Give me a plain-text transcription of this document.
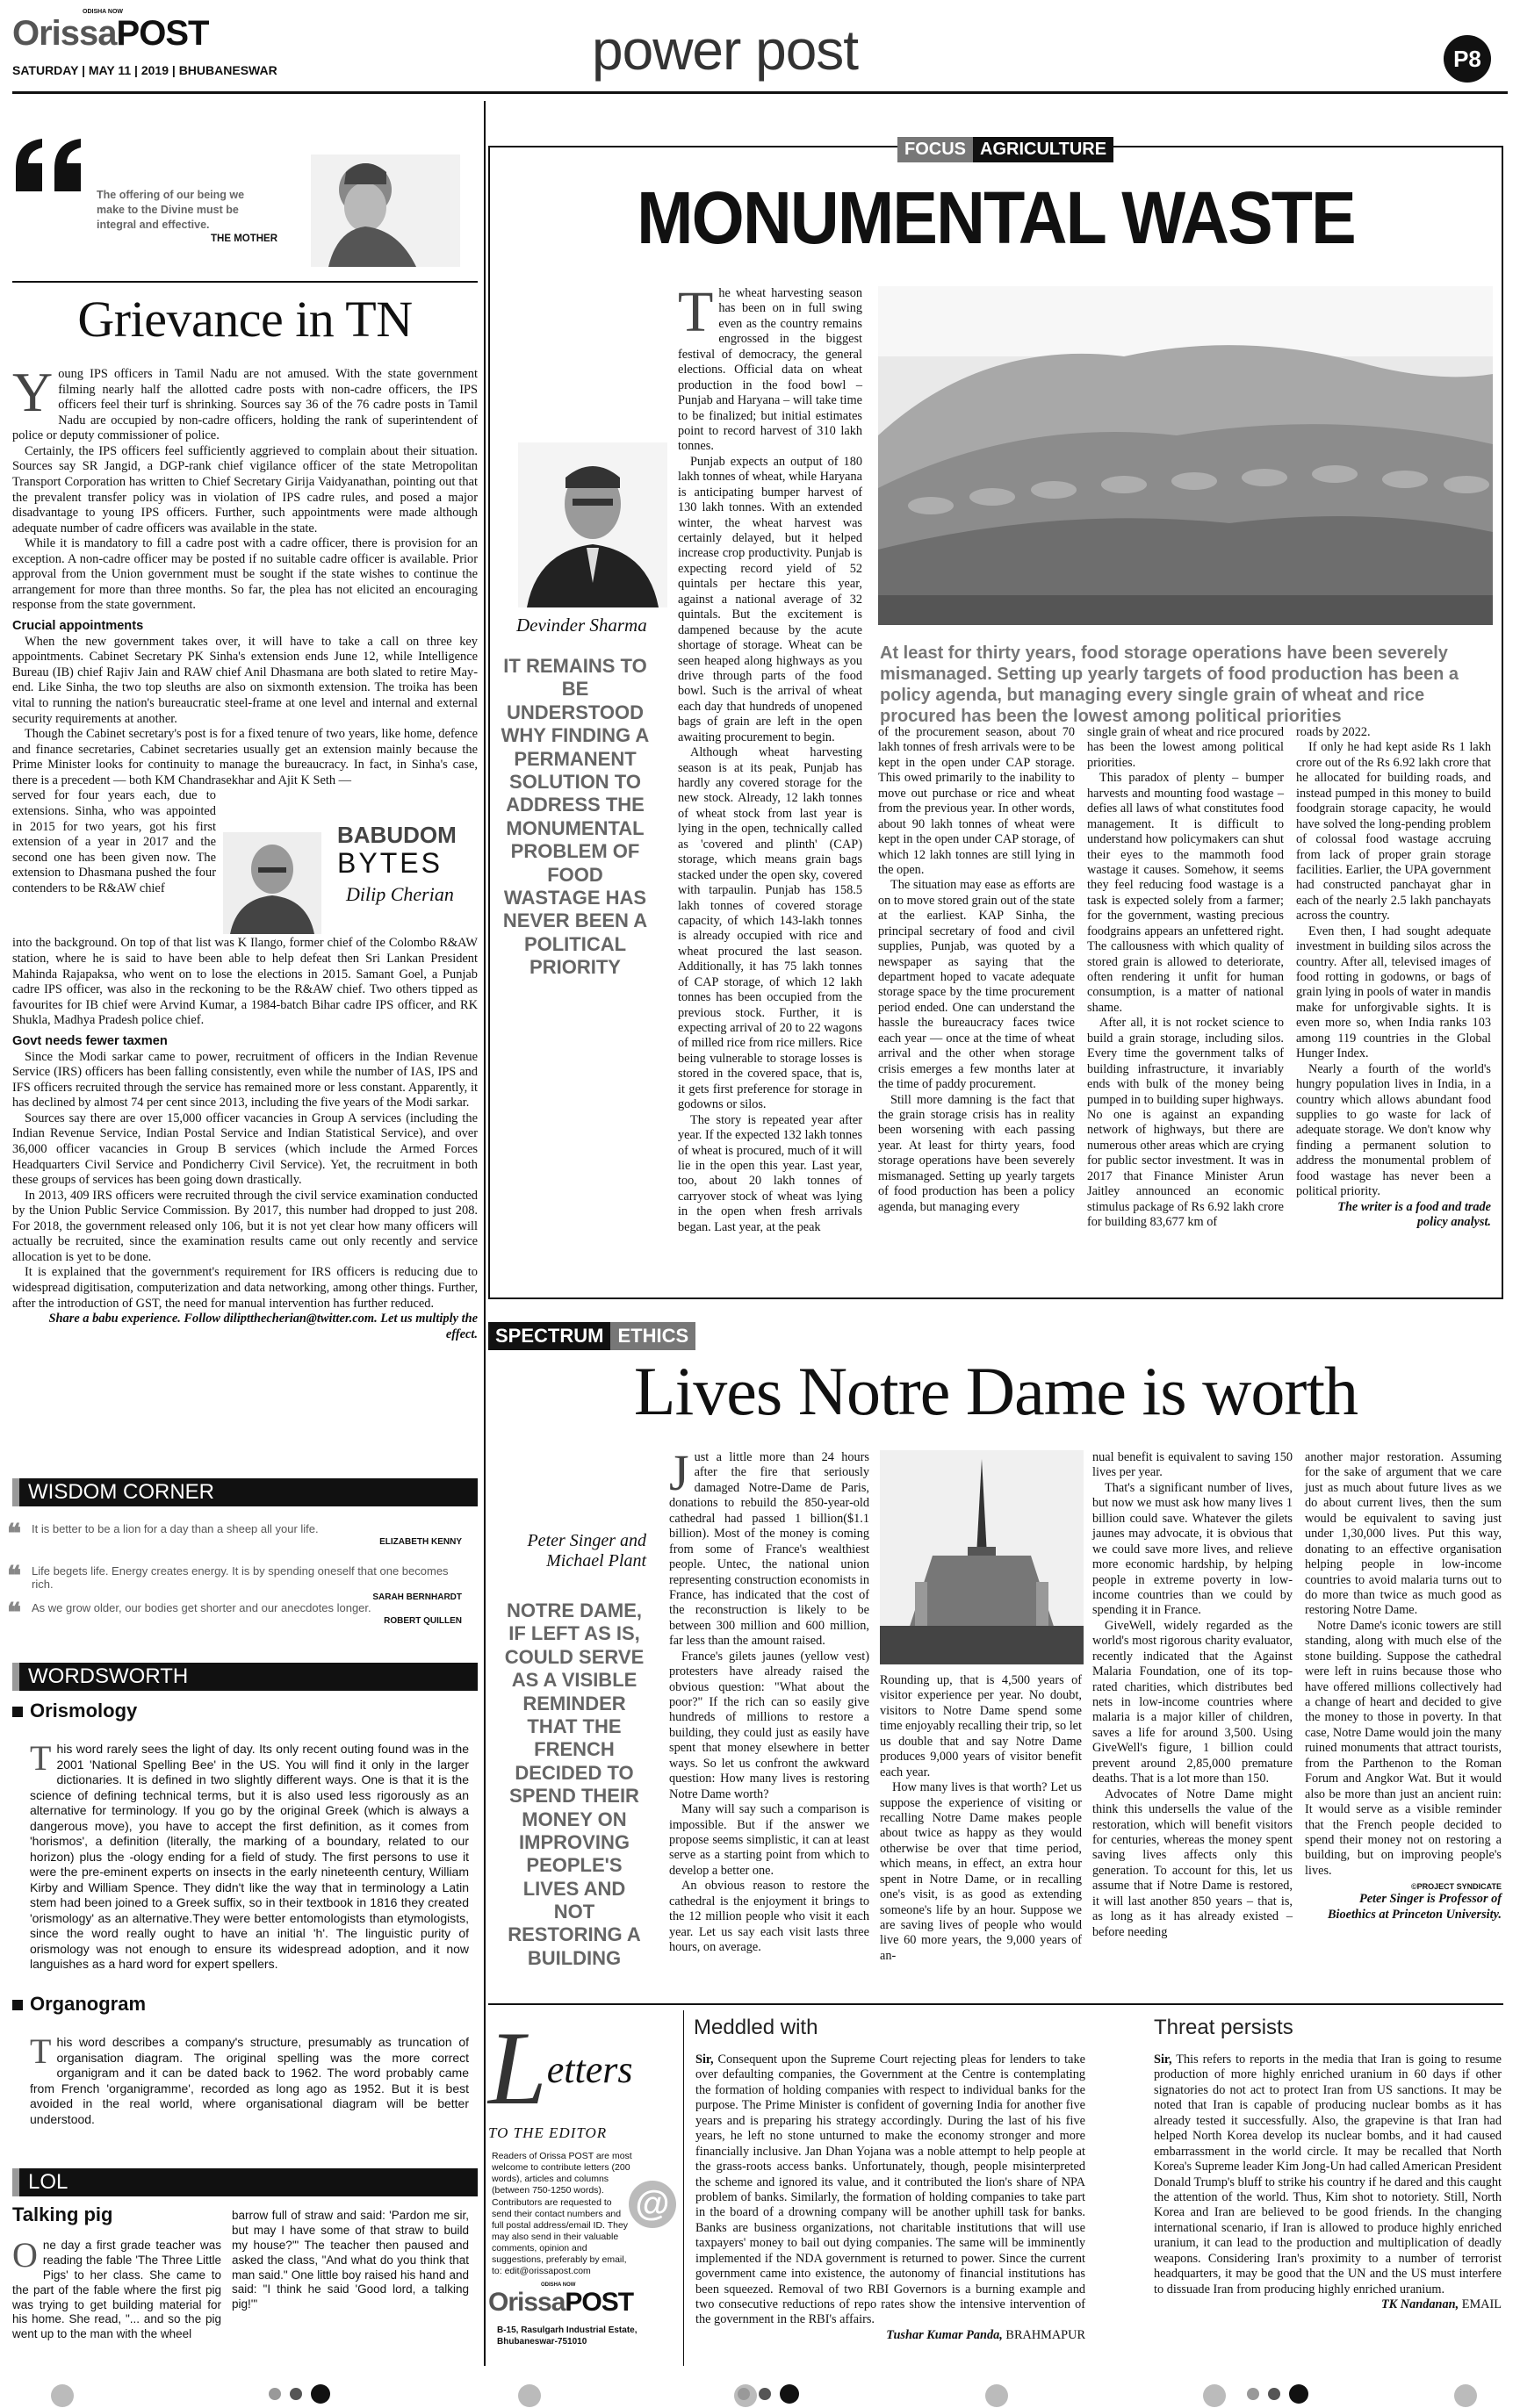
ODISHA NOW
OrissaPOST
SATURDAY | MAY 11 | 2019 | BHUBANESWAR	power post	P8
The offering of our being we make to the Divine must be integral and effective.
THE MOTHER
Grievance in TN
Y oung IPS officers in Tamil Nadu are not amused. With the state government filming nearly half the allotted cadre posts with non-cadre officers, the IPS officers feel their turf is shrinking. Sources say 36 of the 76 cadre posts in Tamil Nadu are occupied by non-cadre officers, holding the rank of superintendent of police or deputy commissioner of police.

Certainly, the IPS officers feel sufficiently aggrieved to complain about their situation. Sources say SR Jangid, a DGP-rank chief vigilance officer of the state Metropolitan Transport Corporation has written to Chief Secretary Girija Vaidyanathan, pointing out that the prevalent transfer policy was in violation of IPS cadre rules, and posed a major disadvantage to young IPS officers. Further, such appointments were made although adequate number of cadre officers was available in the state.

While it is mandatory to fill a cadre post with a cadre officer, there is provision for an exception. A non-cadre officer may be posted if no suitable cadre officer is available. Prior approval from the Union government must be sought if the state wishes to continue the arrangement for more than three months. So far, the plea has not elicited an encouraging response from the state government.

Crucial appointments

When the new government takes over, it will have to take a call on three key appointments. Cabinet Secretary PK Sinha's extension ends June 12, while Intelligence Bureau (IB) chief Rajiv Jain and RAW chief Anil Dhasmana are both slated to retire May-end. Like Sinha, the two top sleuths are also on sixmonth extension. The troika has been vital to running the nation's bureaucratic steel-frame at one level and internal and external security requirements at another.

Though the Cabinet secretary's post is for a fixed tenure of two years, like home, defence and finance secretaries, Cabinet secretaries usually get an extension mainly because the Prime Minister looks for continuity to manage the bureaucracy. In fact, in Sinha's case, there is a precedent — both KM Chandrasekhar and Ajit K Seth —

served for four years each, due to extensions. Sinha, who was appointed in 2015 for two years, got his first extension of a year in 2017 and the second one has been given now. The extension to Dhasmana pushed the four contenders to be R&AW chief
BABUDOM
BYTES
Dilip Cherian

into the background. On top of that list was K Ilango, former chief of the Colombo R&AW station, where he is said to have been able to help defeat then Sri Lankan President Mahinda Rajapaksa, who went on to lose the elections in 2015. Samant Goel, a Punjab cadre IPS officer, was also in the reckoning to be the R&AW chief. Two others tipped as favourites for IB chief were Arvind Kumar, a 1984-batch Bihar cadre IPS officer, and RK Shukla, Madhya Pradesh police chief.

Govt needs fewer taxmen

Since the Modi sarkar came to power, recruitment of officers in the Indian Revenue Service (IRS) officers has been falling consistently, even while the number of IAS, IPS and IFS officers recruited through the service has remained more or less constant. Apparently, it has declined by almost 74 per cent since 2013, including the five years of the Modi sarkar.

Sources say there are over 15,000 officer vacancies in Group A services (including the Indian Revenue Service, Indian Postal Service and Indian Statistical Service), and over 36,000 officer vacancies in Group B services (which include the Armed Forces Headquarters Civil Service and Pondicherry Civil Service). Yet, the recruitment in both these groups of services has been going down drastically.

In 2013, 409 IRS officers were recruited through the civil service examination conducted by the Union Public Service Commission. By 2017, this number had dropped to just 208. For 2018, the government released only 106, but it is not yet clear how many officers will actually be recruited, since the examination results came out only recently and service allocation is yet to be done.

It is explained that the government's requirement for IRS officers is reducing due to widespread digitisation, computerization and data networking, among other things. Further, after the introduction of GST, the need for manual intervention has further reduced.

Share a babu experience. Follow diliptthecherian@twitter.com. Let us multiply the effect.

WISDOM CORNER
❝ It is better to be a lion for a day than a sheep all your life.
ELIZABETH KENNY
❝ Life begets life. Energy creates energy. It is by spending oneself that one becomes rich.
SARAH BERNHARDT
❝ As we grow older, our bodies get shorter and our anecdotes longer.
ROBERT QUILLEN
WORDSWORTH
Orismology
This word rarely sees the light of day. Its only recent outing found was in the 2001 'National Spelling Bee' in the US. You will find it only in the larger dictionaries. It is defined in two slightly different ways. One is that it is the science of defining technical terms, but it is also used less rigorously as an alternative for terminology. If you go by the original Greek (which is always a dangerous move), you have to accept the first definition, as it comes from 'horismos', a definition (literally, the marking of a boundary, related to our horizon) plus the -ology ending for a field of study. The first persons to use it were the pre-eminent experts on insects in the early nineteenth century, William Kirby and William Spence. They didn't like the way that in terminology a Latin stem had been joined to a Greek suffix, so in their textbook in 1816 they created 'orismology' as an alternative.They were better entomologists than etymologists, since the word really ought to have an initial 'h'. The linguistic purity of orismology was not enough to ensure its widespread adoption, and it now languishes as a hard word for expert spellers.
Organogram
This word describes a company's structure, presumably as truncation of organisation diagram. The original spelling was the more correct organigram and it can be dated back to 1962. The word probably came from French 'organigramme', recorded as long ago as 1952. But it is best avoided in the real world, where organisational diagram will be better understood.
LOL
Talking pig
One day a first grade teacher was reading the fable 'The Three Little Pigs' to her class. She came to the part of the fable where the first pig was trying to get building material for his home. She read, "... and so the pig went up to the man with the wheel
barrow full of straw and said: 'Pardon me sir, but may I have some of that straw to build my house?'" The teacher then paused and asked the class, "And what do you think that man said." One little boy raised his hand and said: "I think he said 'Good lord, a talking pig!'"
FOCUS AGRICULTURE
MONUMENTAL WASTE
Devinder Sharma
IT REMAINS TO BE UNDERSTOOD WHY FINDING A PERMANENT SOLUTION TO ADDRESS THE MONUMENTAL PROBLEM OF FOOD WASTAGE HAS NEVER BEEN A POLITICAL PRIORITY
T he wheat harvesting season has been on in full swing even as the country remains engrossed in the biggest festival of democracy, the general elections. Official data on wheat production in the food bowl – Punjab and Haryana – will take time to be finalized; but initial estimates point to record harvest of 310 lakh tonnes.

Punjab expects an output of 180 lakh tonnes of wheat, while Haryana is anticipating bumper harvest of 130 lakh tonnes. With an extended winter, the wheat harvest was certainly delayed, but it helped increase crop productivity. Punjab is expecting record yield of 52 quintals per hectare this year, against a national average of 32 quintals. But the excitement is dampened because by the acute shortage of storage. Wheat can be seen heaped along highways as you drive through parts of the food bowl. Such is the arrival of wheat each day that hundreds of unopened bags of grain are left in the open awaiting procurement to begin.

Although wheat harvesting season is at its peak, Punjab has hardly any covered storage for the new stock. Already, 12 lakh tonnes of wheat stock from last year is lying in the open, technically called as 'covered and plinth' (CAP) storage, which means grain bags stacked under the open sky, covered with tarpaulin. Punjab has 158.5 lakh tonnes of covered storage capacity, of which 143-lakh tonnes is already occupied with rice and wheat procured the last season. Additionally, it has 75 lakh tonnes of CAP storage, of which 12 lakh tonnes has been occupied from the previous stock. Further, it is expecting arrival of 20 to 22 wagons of milled rice from rice millers. Rice being vulnerable to storage losses is stored in the covered space, that is, it gets first preference for storage in godowns or silos.

The story is repeated year after year. If the expected 132 lakh tonnes of wheat is procured, much of it will lie in the open this year. Last year, too, about 20 lakh tonnes of carryover stock of wheat was lying in the open when fresh arrivals began. Last year, at the peak

At least for thirty years, food storage operations have been severely mismanaged. Setting up yearly targets of food production has been a policy agenda, but managing every single grain of wheat and rice procured has been the lowest among political priorities

of the procurement season, about 70 lakh tonnes of fresh arrivals were to be kept in the open under CAP storage. This owed primarily to the inability to move out purchase or rice and wheat from the previous year. In other words, about 90 lakh tonnes of wheat were kept in the open under CAP storage, of which 12 lakh tonnes are still lying in the open.

The situation may ease as efforts are on to move stored grain out of the state at the earliest. KAP Sinha, the principal secretary of food and civil supplies, Punjab, was quoted by a newspaper as saying that the department hoped to vacate adequate storage space by the time procurement period ended. One can understand the hassle the bureaucracy faces twice each year — once at the time of wheat arrival and the other when storage crisis emerges a few months later at the time of paddy procurement.

Still more damning is the fact that the grain storage crisis has in reality been worsening with each passing year. At least for thirty years, food storage operations have been severely mismanaged. Setting up yearly targets of food production has been a policy agenda, but managing every

single grain of wheat and rice procured has been the lowest among political priorities.

This paradox of plenty – bumper harvests and mounting food wastage – defies all laws of what constitutes food management. It is difficult to understand how policymakers can shut their eyes to the mammoth food wastage it causes. Somehow, it seems they feel reducing food wastage is a task is expected solely from a farmer; for the government, wasting precious foodgrains appears an unfettered right. The callousness with which quality of stored grain is allowed to deteriorate, often rendering it unfit for human consumption, is a matter of national shame.

After all, it is not rocket science to build a grain storage, including silos. Every time the government talks of building infrastructure, it invariably ends with bulk of the money being pumped in to building super highways. No one is against an expanding network of highways, but there are numerous other areas which are crying for public sector investment. It was in 2017 that Finance Minister Arun Jaitley announced an economic stimulus package of Rs 6.92 lakh crore for building 83,677 km of

roads by 2022.

If only he had kept aside Rs 1 lakh crore out of the Rs 6.92 lakh crore that he allocated for building roads, and instead pumped in this money to build foodgrain storage capacity, he would have solved the long-pending problem of colossal food wastage accruing from lack of proper grain storage facilities. Earlier, the UPA government had constructed panchayat ghar in each of the nearly 2.5 lakh panchayats across the country.

Even then, I had sought adequate investment in building silos across the country. After all, televised images of food rotting in godowns, or bags of grain lying in pools of water in mandis make for unforgivable sights. It is even more so, when India ranks 103 among 119 countries in the Global Hunger Index.

Nearly a fourth of the world's hungry population lives in India, in a country which allows abundant food supplies to go waste for lack of adequate storage. We don't know why finding a permanent solution to address the monumental problem of food wastage has never been a political priority.

The writer is a food and trade policy analyst.

SPECTRUM ETHICS
Lives Notre Dame is worth
Peter Singer and Michael Plant
NOTRE DAME, IF LEFT AS IS, COULD SERVE AS A VISIBLE REMINDER THAT THE FRENCH DECIDED TO SPEND THEIR MONEY ON IMPROVING PEOPLE'S LIVES AND NOT RESTORING A BUILDING
J ust a little more than 24 hours after the fire that seriously damaged Notre-Dame de Paris, donations to rebuild the 850-year-old cathedral had passed 1 billion($1.1 billion). Most of the money is coming from some of France's wealthiest people. Untec, the national union representing construction economists in France, has indicated that the cost of the reconstruction is likely to be between 300 million and 600 million, far less than the amount raised.

France's gilets jaunes (yellow vest) protesters have already raised the obvious question: "What about the poor?" If the rich can so easily give hundreds of millions to restore a building, they could just as easily have spent that money elsewhere in better ways. So let us confront the awkward question: How many lives is restoring Notre Dame worth?

Many will say such a comparison is impossible. But if the answer we propose seems simplistic, it can at least serve as a starting point from which to develop a better one.

An obvious reason to restore the cathedral is the enjoyment it brings to the 12 million people who visit it each year. Let us say each visit lasts three hours, on average.

Rounding up, that is 4,500 years of visitor experience per year. No doubt, visitors to Notre Dame spend some time enjoyably recalling their trip, so let us double that and say Notre Dame produces 9,000 years of visitor benefit each year.

How many lives is that worth? Let us suppose the experience of visiting or recalling Notre Dame makes people about twice as happy as they would otherwise be over that time period, which means, in effect, an extra hour spent in Notre Dame, or in recalling one's visit, is as good as extending someone's life by an hour. Suppose we are saving lives of people who would live 60 more years, the 9,000 years of an-

nual benefit is equivalent to saving 150 lives per year.

That's a significant number of lives, but now we must ask how many lives 1 billion could save. Whatever the gilets jaunes may advocate, it is obvious that we could save more lives, and relieve more economic hardship, by helping people in extreme poverty in low-income countries than we could by spending it in France.

GiveWell, widely regarded as the world's most rigorous charity evaluator, recently indicated that the Against Malaria Foundation, one of its top-rated charities, which distributes bed nets in low-income countries where malaria is a major killer of children, saves a life for around 3,500. Using GiveWell's figure, 1 billion could prevent around 2,85,000 premature deaths. That is a lot more than 150.

Advocates of Notre Dame might think this undersells the value of the restoration, which will benefit visitors for centuries, whereas the money spent saving lives affects only this generation. To account for this, let us assume that if Notre Dame is restored, it will last another 850 years – that is, as long as it has already existed – before needing

another major restoration. Assuming for the sake of argument that we care just as much about future lives as we do about current lives, then the sum would be equivalent to saving just under 1,30,000 lives. Put this way, donating to an effective organisation helping people in low-income countries to avoid malaria turns out to do more than twice as much good as restoring Notre Dame.

Notre Dame's iconic towers are still standing, along with much else of the stone building. Suppose the cathedral were left in ruins because those who have offered millions collectively had a change of heart and decided to give the money to those in poverty. In that case, Notre Dame would join the many ruined monuments that attract tourists, from the Parthenon to the Roman Forum and Angkor Wat. But it would also be more than just an ancient ruin: It would serve as a visible reminder that the French people decided to spend their money not on restoring a building, but on improving people's lives.

©PROJECT SYNDICATE

Peter Singer is Professor of Bioethics at Princeton University.

Letters
TO THE EDITOR
Readers of Orissa POST are most welcome to contribute letters (200 words), articles and columns (between 750-1250 words). Contributors are requested to send their contact numbers and full postal address/email ID. They may also send in their valuable comments, opinion and suggestions, preferably by email, to: edit@orissapost.com
@
ODISHA NOW
OrissaPOST
B-15, Rasulgarh Industrial Estate, Bhubaneswar-751010
Meddled with

Sir, Consequent upon the Supreme Court rejecting pleas for lenders to take over defaulting companies, the Government at the Centre is contemplating the formation of holding companies with respect to individual banks for the purpose. The Prime Minister is confident of governing India for another five years and is preparing his strategy accordingly. During the last of his five years, he left no stone unturned to make the economy stronger and more financially inclusive. Jan Dhan Yojana was a noble attempt to help people at the grass-roots access banks. Unfortunately, though, people misinterpreted the scheme and ignored its value, and it contributed the lion's share of NPA problem of banks. Similarly, the formation of holding companies to take part in the board of a drowning company will be another uphill task for banks. Banks are business organizations, not charitable institutions that will use taxpayers' money to bail out dying companies. The same will be imminently implemented if the NDA government is returned to power. Since the current government came into existence, the autonomy of financial institutions has been squeezed. Removal of two RBI Governors is a burning example and two consecutive reductions of repo rates show the intensive intervention of the government in the RBI's affairs.

Tushar Kumar Panda, BRAHMAPUR

Threat persists

Sir, This refers to reports in the media that Iran is going to resume production of more highly enriched uranium in 60 days if other signatories do not act to protect Iran from US sanctions. It may be noted that Iran is capable of producing nuclear bombs as it has already tested it successfully. Also, the grapevine is that Iran had helped North Korea develop its nuclear bombs, and it had caused embarrassment in the world circle. It may be recalled that North Korea's Supreme leader Kim Jong-Un had called American President Donald Trump's bluff to strike his country if he dared and this caught the attention of the world. Thus, Kim shot to notoriety. Still, North Korea and Iran are believed to be good friends. In the changing international scenario, if Iran is allowed to produce highly enriched uranium, it can lead to the production and multiplication of deadly weapons. Considering Iran's proximity to a number of terrorist headquarters, it may be good that the UN and the US must interfere to dissuade Iran from producing highly enriched uranium.

TK Nandanan, EMAIL
